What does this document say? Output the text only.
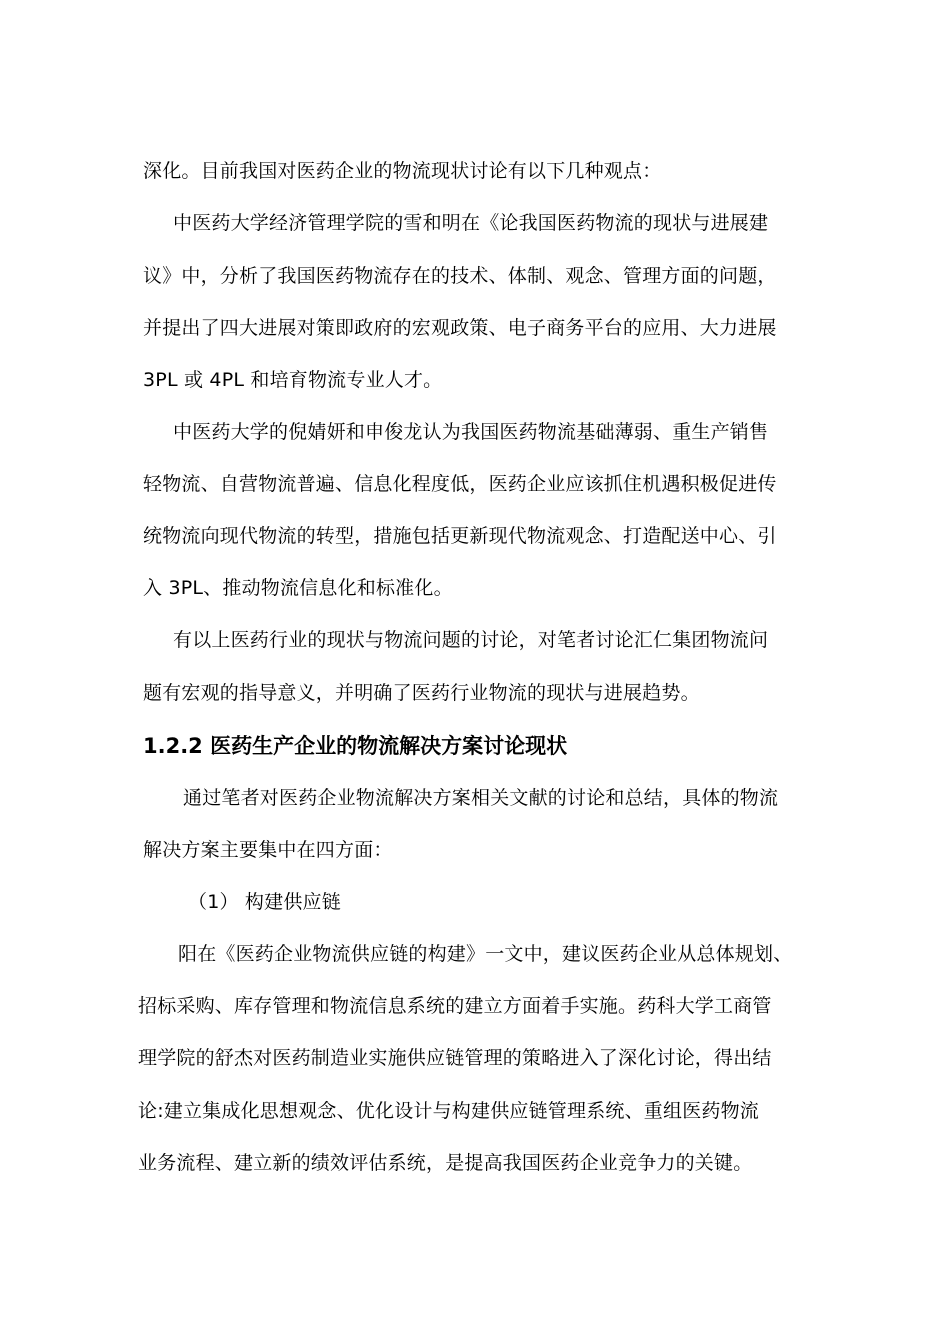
深化。目前我国对医药企业的物流现状讨论有以下几种观点：
中医药大学经济管理学院的雪和明在《论我国医药物流的现状与进展建
议》中，分析了我国医药物流存在的技术、体制、观念、管理方面的问题，
并提出了四大进展对策即政府的宏观政策、电子商务平台的应用、大力进展
3PL 或 4PL 和培育物流专业人才。
中医药大学的倪婧妍和申俊龙认为我国医药物流基础薄弱、重生产销售
轻物流、自营物流普遍、信息化程度低，医药企业应该抓住机遇积极促进传
统物流向现代物流的转型，措施包括更新现代物流观念、打造配送中心、引
入 3PL、推动物流信息化和标准化。
有以上医药行业的现状与物流问题的讨论，对笔者讨论汇仁集团物流问
题有宏观的指导意义，并明确了医药行业物流的现状与进展趋势。
1.2.2 医药生产企业的物流解决方案讨论现状
通过笔者对医药企业物流解决方案相关文献的讨论和总结，具体的物流
解决方案主要集中在四方面：
（1） 构建供应链
阳在《医药企业物流供应链的构建》一文中，建议医药企业从总体规划、
招标采购、库存管理和物流信息系统的建立方面着手实施。药科大学工商管
理学院的舒杰对医药制造业实施供应链管理的策略进入了深化讨论，得出结
论:建立集成化思想观念、优化设计与构建供应链管理系统、重组医药物流
业务流程、建立新的绩效评估系统，是提高我国医药企业竞争力的关键。
